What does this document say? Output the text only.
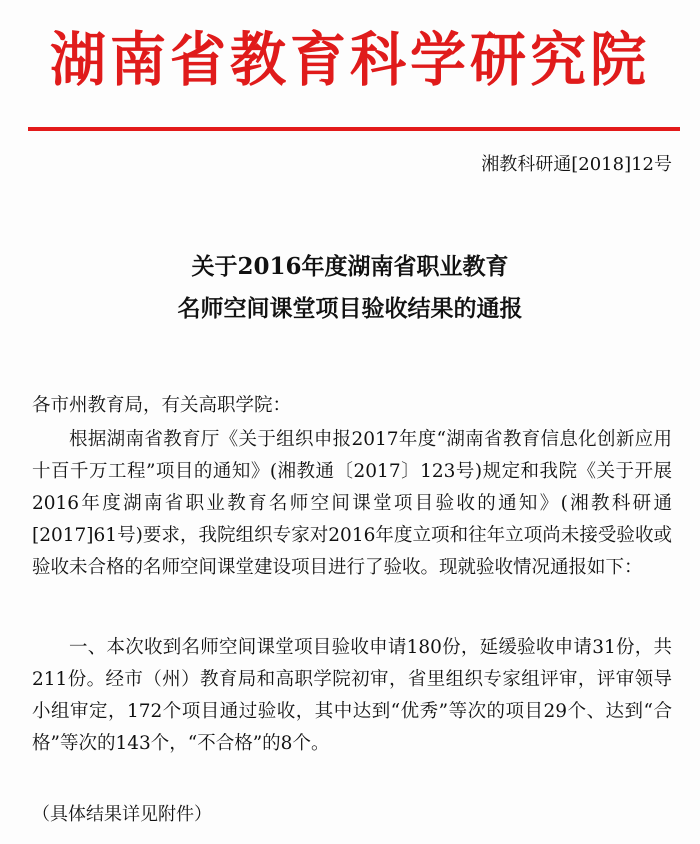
湖南省教育科学研究院
湘教科研通[2018]12号
关于2016年度湖南省职业教育
名师空间课堂项目验收结果的通报
各市州教育局，有关高职学院：
根据湖南省教育厅《关于组织申报2017年度“湖南省教育信息化创新应用十百千万工程”项目的通知》(湘教通〔2017〕123号)规定和我院《关于开展2016年度湖南省职业教育名师空间课堂项目验收的通知》(湘教科研通[2017]61号)要求，我院组织专家对2016年度立项和往年立项尚未接受验收或验收未合格的名师空间课堂建设项目进行了验收。现就验收情况通报如下：
一、本次收到名师空间课堂项目验收申请180份，延缓验收申请31份，共211份。经市（州）教育局和高职学院初审，省里组织专家组评审，评审领导小组审定，172个项目通过验收，其中达到“优秀”等次的项目29个、达到“合格”等次的143个，“不合格”的8个。
（具体结果详见附件）
